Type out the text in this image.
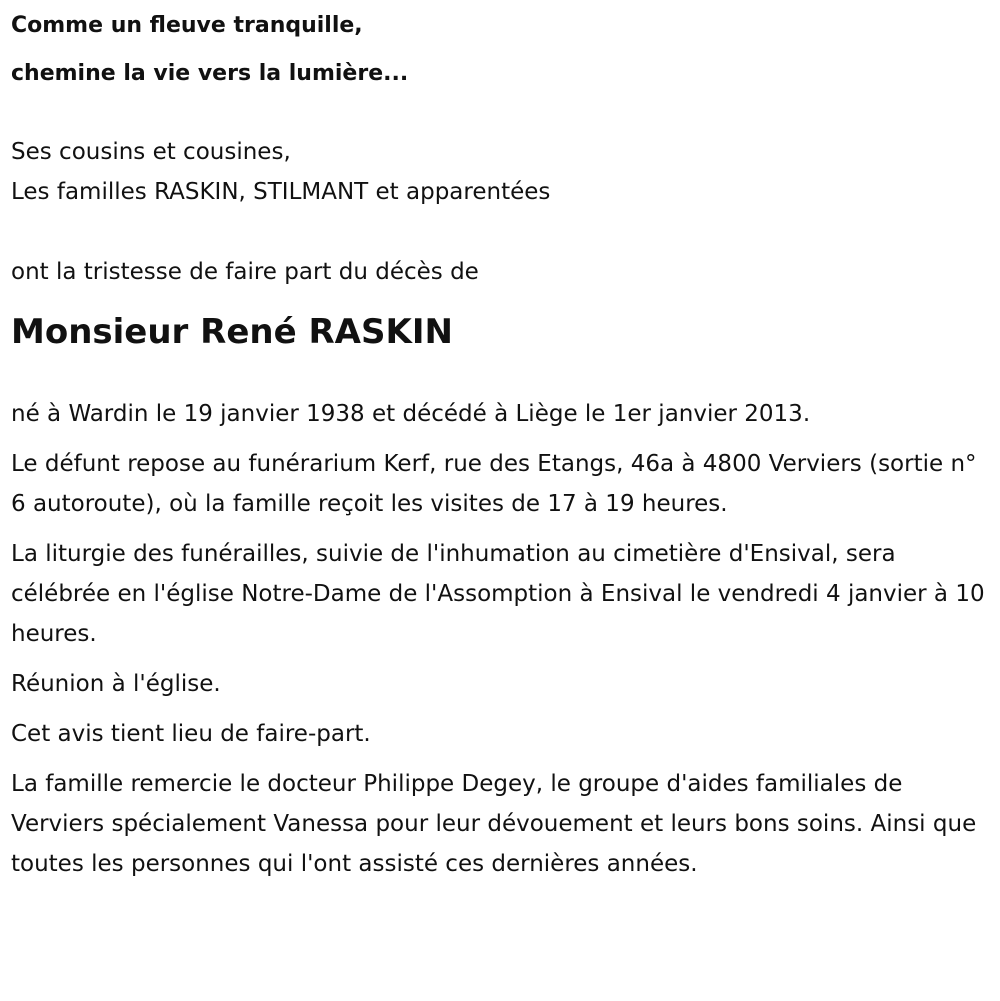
Comme un fleuve tranquille,
chemine la vie vers la lumière...
Ses cousins et cousines,
Les familles RASKIN, STILMANT et apparentées
ont la tristesse de faire part du décès de
Monsieur René RASKIN

né à Wardin le 19 janvier 1938 et décédé à Liège le 1er janvier 2013.

Le défunt repose au funérarium Kerf, rue des Etangs, 46a à 4800 Verviers (sortie n° 6 autoroute), où la famille reçoit les visites de 17 à 19 heures.

La liturgie des funérailles, suivie de l'inhumation au cimetière d'Ensival, sera célébrée en l'église Notre-Dame de l'Assomption à Ensival le vendredi 4 janvier à 10 heures.

Réunion à l'église.

Cet avis tient lieu de faire-part.

La famille remercie le docteur Philippe Degey, le groupe d'aides familiales de Verviers spécialement Vanessa pour leur dévouement et leurs bons soins. Ainsi que toutes les personnes qui l'ont assisté ces dernières années.
